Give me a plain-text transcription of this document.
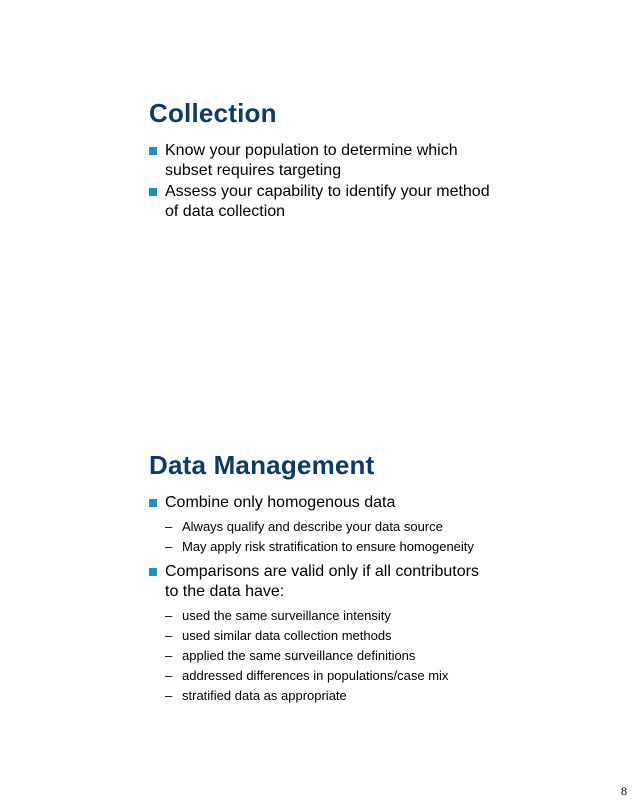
Collection
Know your population to determine which
subset requires targeting
Assess your capability to identify your method
of data collection
Data Management
Combine only homogenous data
– Always qualify and describe your data source
– May apply risk stratification to ensure homogeneity
Comparisons are valid only if all contributors
to the data have:
– used the same surveillance intensity
– used similar data collection methods
– applied the same surveillance definitions
– addressed differences in populations/case mix
– stratified data as appropriate
8
